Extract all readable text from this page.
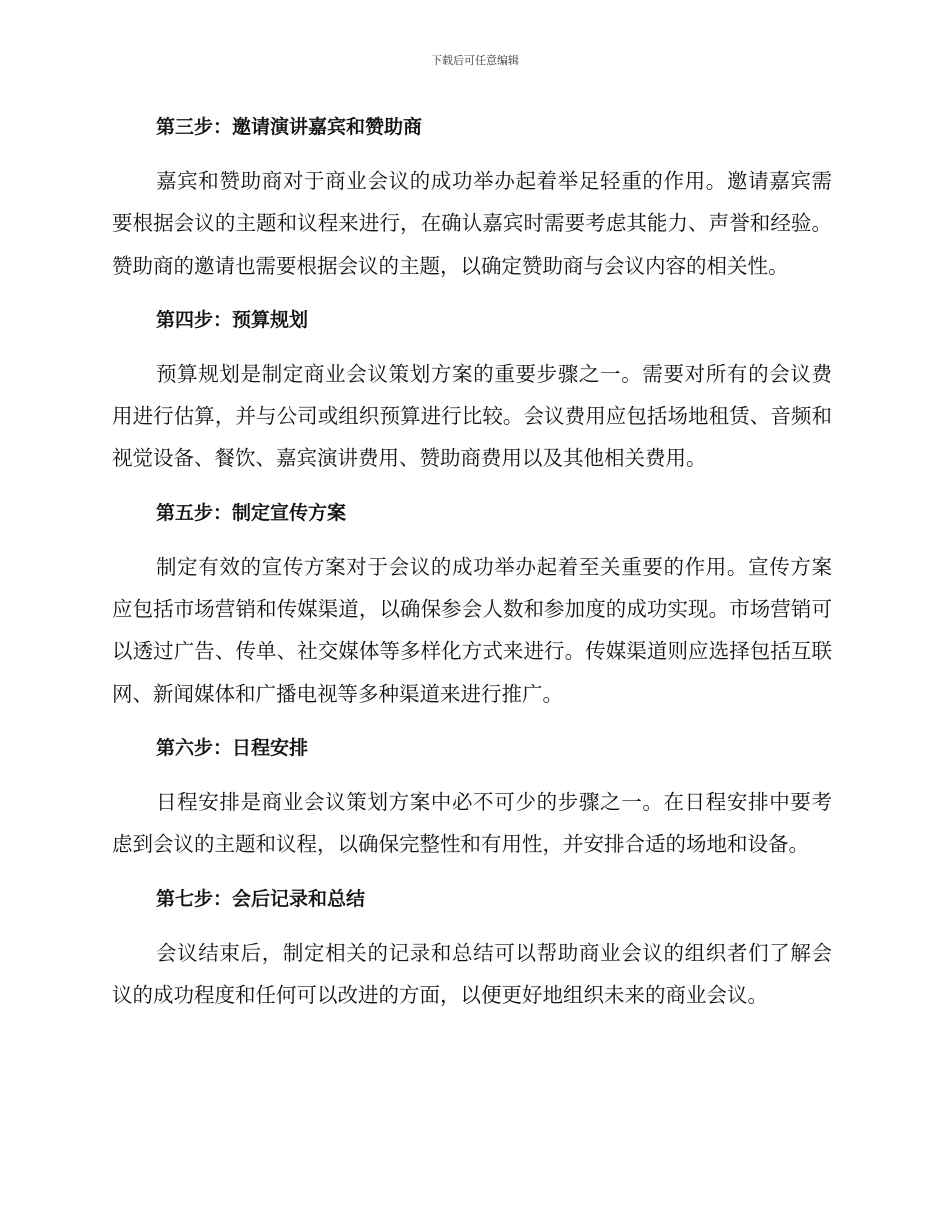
下载后可任意编辑
第三步：邀请演讲嘉宾和赞助商

嘉宾和赞助商对于商业会议的成功举办起着举足轻重的作用。邀请嘉宾需要根据会议的主题和议程来进行，在确认嘉宾时需要考虑其能力、声誉和经验。赞助商的邀请也需要根据会议的主题，以确定赞助商与会议内容的相关性。

第四步：预算规划

预算规划是制定商业会议策划方案的重要步骤之一。需要对所有的会议费用进行估算，并与公司或组织预算进行比较。会议费用应包括场地租赁、音频和视觉设备、餐饮、嘉宾演讲费用、赞助商费用以及其他相关费用。

第五步：制定宣传方案

制定有效的宣传方案对于会议的成功举办起着至关重要的作用。宣传方案应包括市场营销和传媒渠道，以确保参会人数和参加度的成功实现。市场营销可以透过广告、传单、社交媒体等多样化方式来进行。传媒渠道则应选择包括互联网、新闻媒体和广播电视等多种渠道来进行推广。

第六步：日程安排

日程安排是商业会议策划方案中必不可少的步骤之一。在日程安排中要考虑到会议的主题和议程，以确保完整性和有用性，并安排合适的场地和设备。

第七步：会后记录和总结

会议结束后，制定相关的记录和总结可以帮助商业会议的组织者们了解会议的成功程度和任何可以改进的方面，以便更好地组织未来的商业会议。
